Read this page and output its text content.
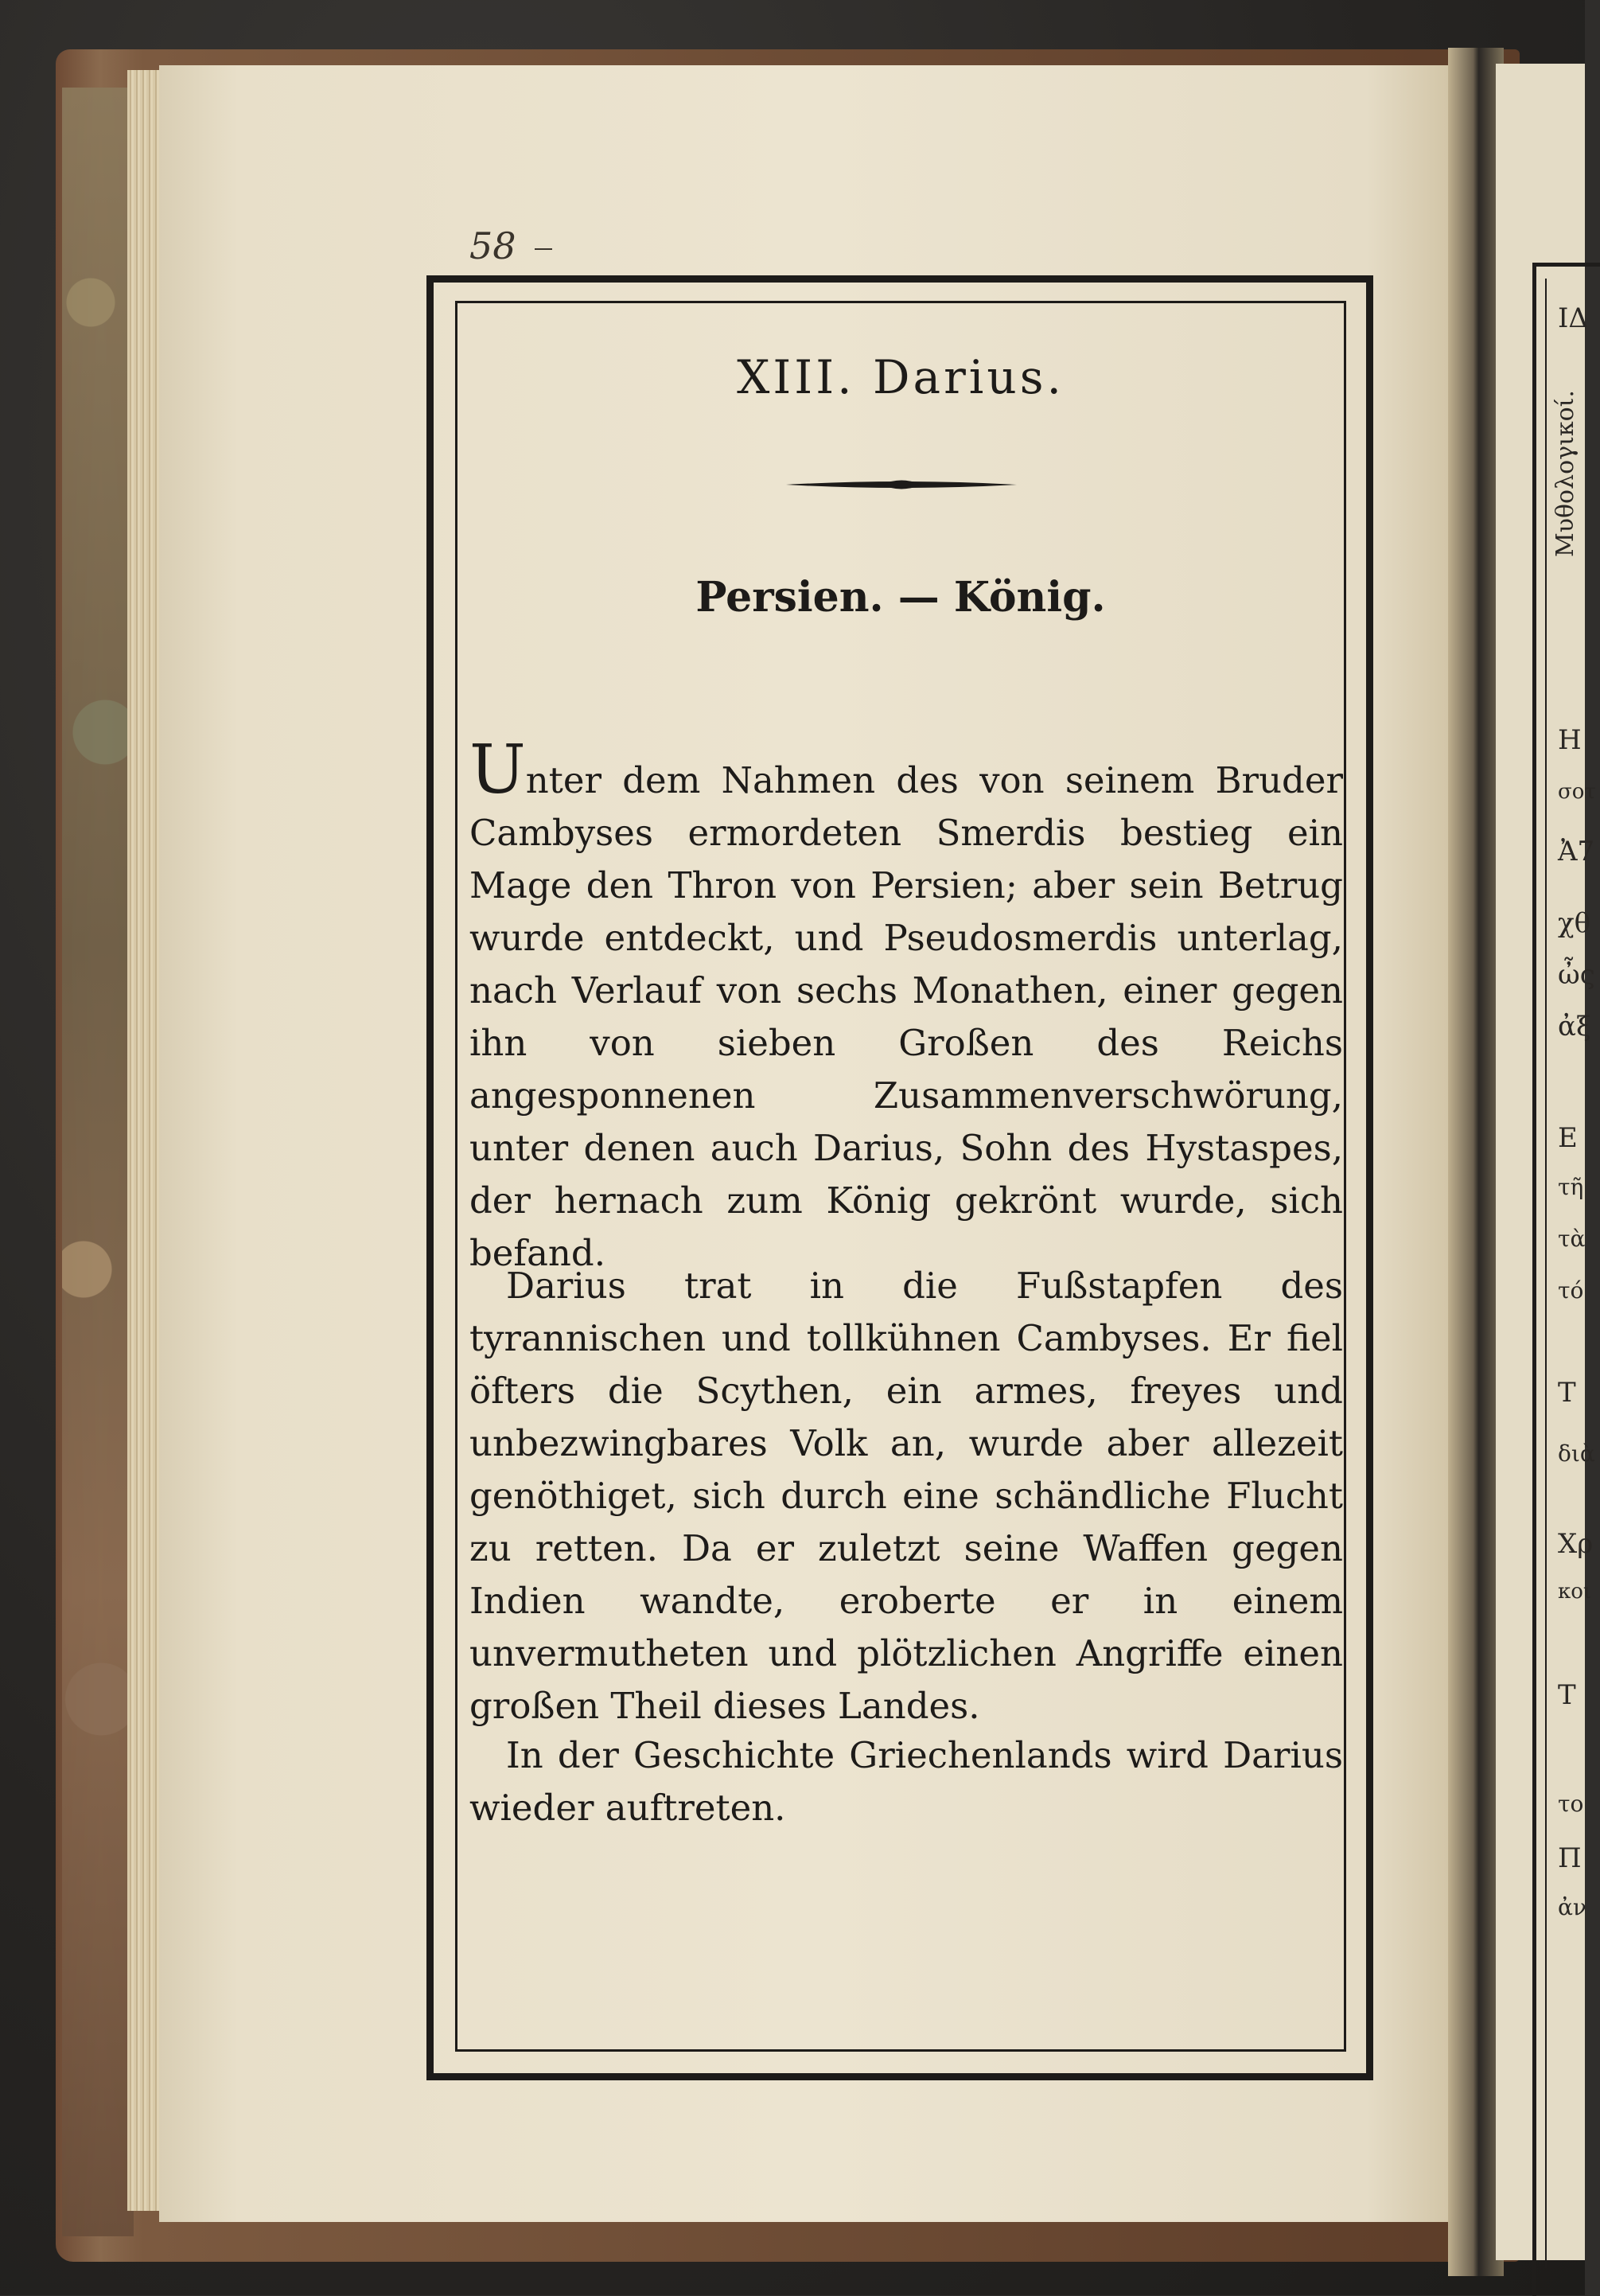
ΙΔ
Μυθολογικοί.
Η
σοτ
Ἀ7
χθ
ὦς
ἀξ
Ε
τῆ
τὰ
τό
Τ
διὰ
Χρ
κοι
Τ
το
Π
ἀν
58
XIII. Darius.
Persien. — König.

Unter dem Nahmen des von seinem Bruder Cambyses ermordeten Smerdis bestieg ein Mage den Thron von Persien; aber sein Betrug wurde entdeckt, und Pseudosmerdis unterlag, nach Verlauf von sechs Monathen, einer gegen ihn von sieben Großen des Reichs angesponnenen Zusammenverschwörung, unter denen auch Darius, Sohn des Hystaspes, der hernach zum König gekrönt wurde, sich befand.

Darius trat in die Fußstapfen des tyrannischen und tollkühnen Cambyses. Er fiel öfters die Scythen, ein armes, freyes und unbezwingbares Volk an, wurde aber allezeit genöthiget, sich durch eine schändliche Flucht zu retten. Da er zuletzt seine Waffen gegen Indien wandte, eroberte er in einem unvermutheten und plötzlichen Angriffe einen großen Theil dieses Landes.

In der Geschichte Griechenlands wird Darius wieder auftreten.
